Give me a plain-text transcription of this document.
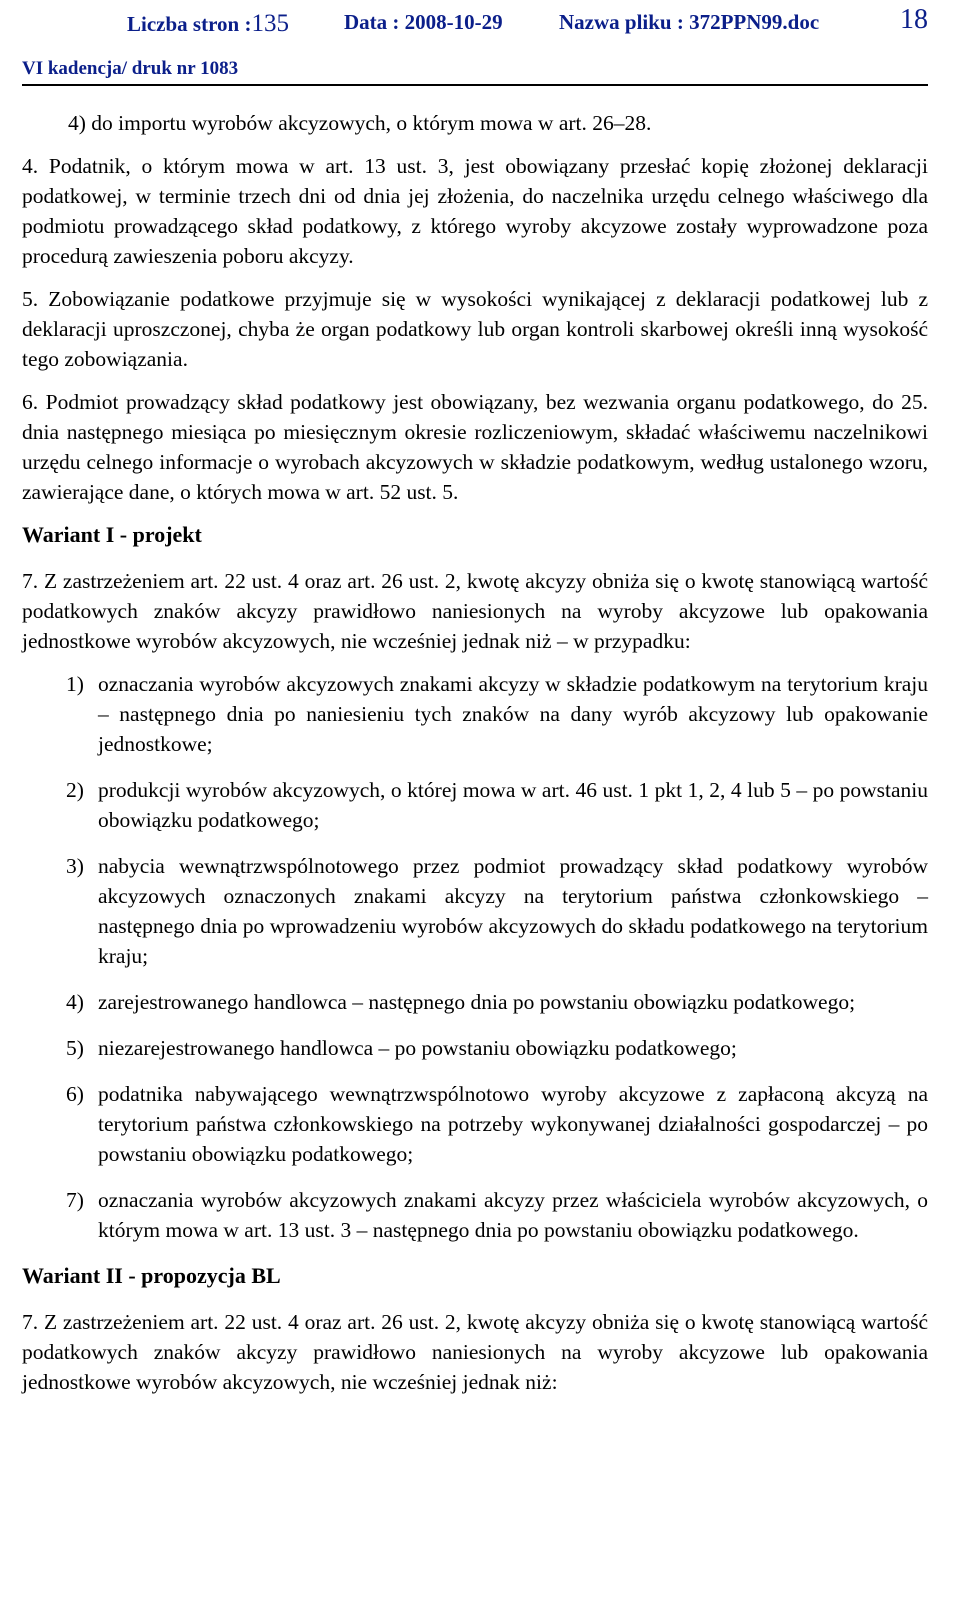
Liczba stron :135	Data : 2008-10-29	Nazwa pliku : 372PPN99.doc	18
VI kadencja/ druk nr 1083

4) do importu wyrobów akcyzowych, o którym mowa w art. 26–28.

4. Podatnik, o którym mowa w art. 13 ust. 3, jest obowiązany przesłać kopię złożonej deklaracji podatkowej, w terminie trzech dni od dnia jej złożenia, do naczelnika urzędu celnego właściwego dla podmiotu prowadzącego skład podatkowy, z którego wyroby akcyzowe zostały wyprowadzone poza procedurą zawieszenia poboru akcyzy.

5. Zobowiązanie podatkowe przyjmuje się w wysokości wynikającej z deklaracji podatkowej lub z deklaracji uproszczonej, chyba że organ podatkowy lub organ kontroli skarbowej określi inną wysokość tego zobowiązania.

6. Podmiot prowadzący skład podatkowy jest obowiązany, bez wezwania organu podatkowego, do 25. dnia następnego miesiąca po miesięcznym okresie rozliczeniowym, składać właściwemu naczelnikowi urzędu celnego informacje o wyrobach akcyzowych w składzie podatkowym, według ustalonego wzoru, zawierające dane, o których mowa w art. 52 ust. 5.

Wariant I - projekt

7. Z zastrzeżeniem art. 22 ust. 4 oraz art. 26 ust. 2, kwotę akcyzy obniża się o kwotę stanowiącą wartość podatkowych znaków akcyzy prawidłowo naniesionych na wyroby akcyzowe lub opakowania jednostkowe wyrobów akcyzowych, nie wcześniej jednak niż – w przypadku:

1) oznaczania wyrobów akcyzowych znakami akcyzy w składzie podatkowym na terytorium kraju – następnego dnia po naniesieniu tych znaków na dany wyrób akcyzowy lub opakowanie jednostkowe;
2) produkcji wyrobów akcyzowych, o której mowa w art. 46 ust. 1 pkt 1, 2, 4 lub 5 – po powstaniu obowiązku podatkowego;
3) nabycia wewnątrzwspólnotowego przez podmiot prowadzący skład podatkowy wyrobów akcyzowych oznaczonych znakami akcyzy na terytorium państwa członkowskiego – następnego dnia po wprowadzeniu wyrobów akcyzowych do składu podatkowego na terytorium kraju;
4) zarejestrowanego handlowca – następnego dnia po powstaniu obowiązku podatkowego;
5) niezarejestrowanego handlowca – po powstaniu obowiązku podatkowego;
6) podatnika nabywającego wewnątrzwspólnotowo wyroby akcyzowe z zapłaconą akcyzą na terytorium państwa członkowskiego na potrzeby wykonywanej działalności gospodarczej – po powstaniu obowiązku podatkowego;
7) oznaczania wyrobów akcyzowych znakami akcyzy przez właściciela wyrobów akcyzowych, o którym mowa w art. 13 ust. 3 – następnego dnia po powstaniu obowiązku podatkowego.
Wariant II - propozycja BL

7. Z zastrzeżeniem art. 22 ust. 4 oraz art. 26 ust. 2, kwotę akcyzy obniża się o kwotę stanowiącą wartość podatkowych znaków akcyzy prawidłowo naniesionych na wyroby akcyzowe lub opakowania jednostkowe wyrobów akcyzowych, nie wcześniej jednak niż:
